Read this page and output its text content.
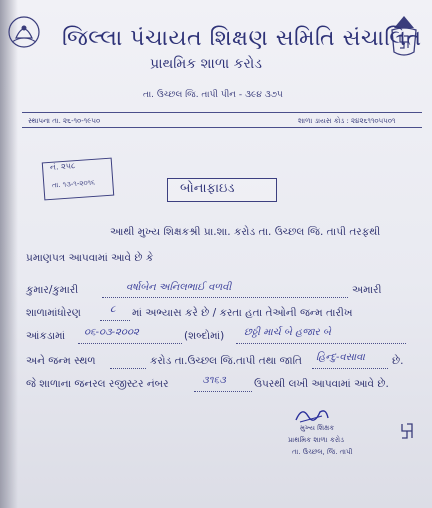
જિલ્લા પંચાયત શિક્ષણ સમિતિ સંચાલિત
પ્રાથમિક શાળા કરોડ
તા. ઉચ્છલ જિ. તાપી પીન - ૩૯૪ ૩૭૫
સ્થાપના તા. ૨૬-૧૦-૧૯૫૦	શાળા ડાયસ કોડ : ૨૪૨૬૧૧૦૫૫૦૧
નં. ૨૫૮
તા. ૧૩-૧-૨૦૧૬	બોનાફાઇડ
આથી મુખ્ય શિક્ષકશ્રી પ્રા.શા. કરોડ તા. ઉચ્છલ જિ. તાપી તરફથી
પ્રમાણપત્ર આપવામાં આવે છે કે
કુમાર/કુમારી	વર્ષાબેન અનિલભાઈ વળવી	અમારી
શાળામાંધોરણ	૮ માં અભ્યાસ કરે છે / કરતા હતા તેઓની જન્મ તારીખ
આંકડામાં ૦૬-૦૩-૨૦૦૨	(શબ્દોમાં) છઠ્ઠી માર્ચ બે હજાર બે
અને જન્મ સ્થળ	કરોડ તા.ઉચ્છલ જિ.તાપી તથા જાતિ હિન્દુ-વસાવા	છે.
જે શાળાના જનરલ રજીસ્ટર નંબર	૩૧૬૩	ઉપરથી લખી આપવામાં આવે છે.
મુખ્ય શિક્ષક
પ્રાથમિક શાળા કરોડ
તા. ઉચ્છલ, જિ. તાપી
